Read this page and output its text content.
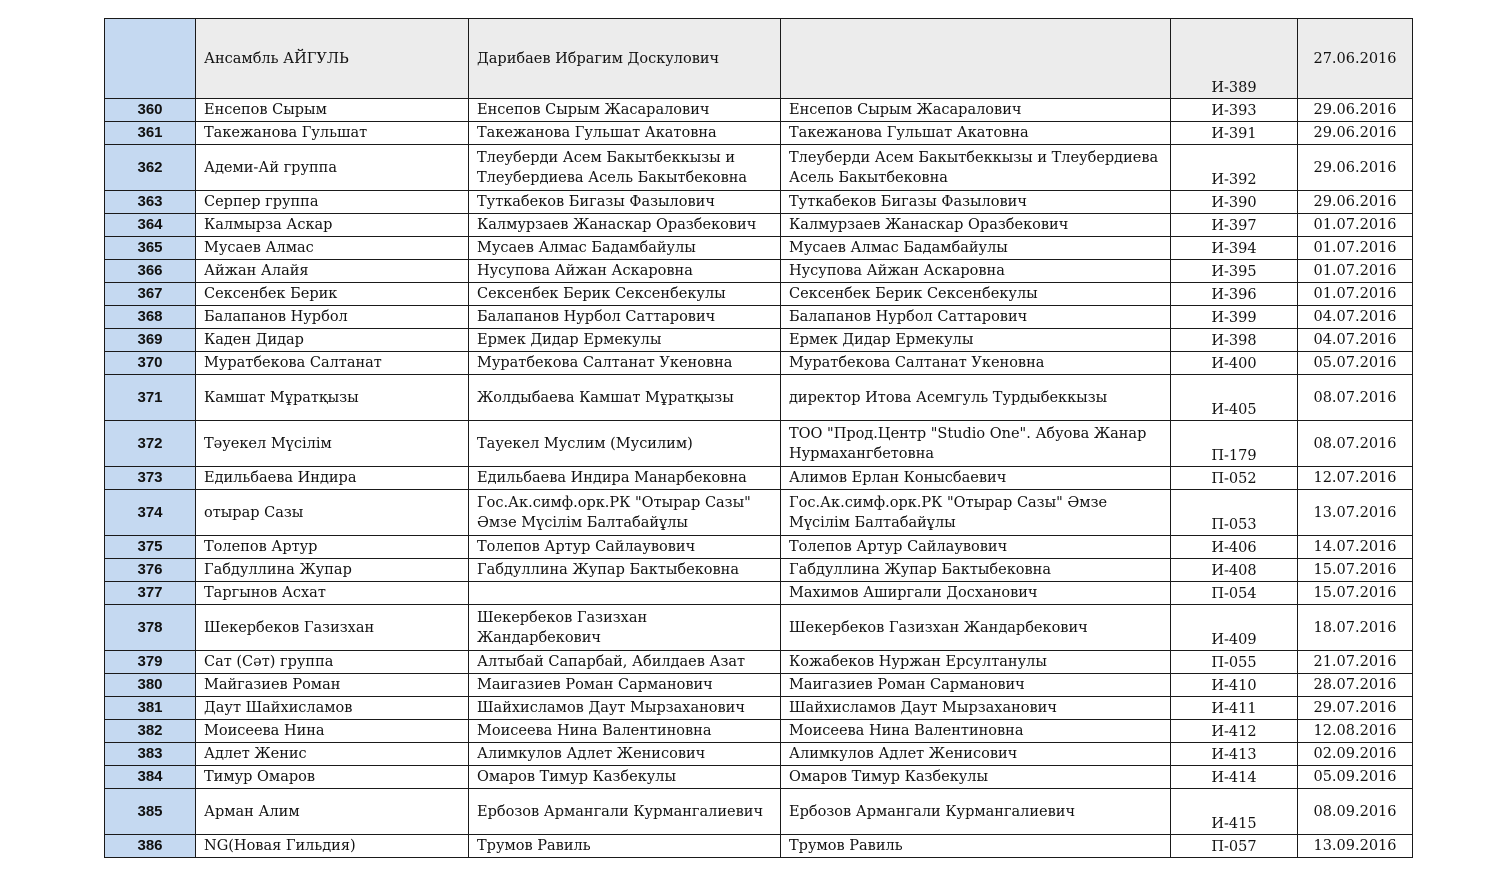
	Ансамбль АЙГУЛЬ	Дарибаев Ибрагим Доскулович		И-389	27.06.2016
360	Енсепов Сырым	Енсепов Сырым Жасаралович	Енсепов Сырым Жасаралович	И-393	29.06.2016
361	Такежанова Гульшат	Такежанова Гульшат Акатовна	Такежанова Гульшат Акатовна	И-391	29.06.2016
362	Адеми-Ай группа	Тлеуберди Асем Бакытбеккызы и Тлеубердиева Асель Бакытбековна	Тлеуберди Асем Бакытбеккызы и Тлеубердиева Асель Бакытбековна	И-392	29.06.2016
363	Серпер группа	Туткабеков Бигазы Фазылович	Туткабеков Бигазы Фазылович	И-390	29.06.2016
364	Калмырза Аскар	Калмурзаев Жанаскар Оразбекович	Калмурзаев Жанаскар Оразбекович	И-397	01.07.2016
365	Мусаев Алмас	Мусаев Алмас Бадамбайулы	Мусаев Алмас Бадамбайулы	И-394	01.07.2016
366	Айжан Алайя	Нусупова Айжан Аскаровна	Нусупова Айжан Аскаровна	И-395	01.07.2016
367	Сексенбек Берик	Сексенбек Берик Сексенбекулы	Сексенбек Берик Сексенбекулы	И-396	01.07.2016
368	Балапанов Нурбол	Балапанов Нурбол Саттарович	Балапанов Нурбол Саттарович	И-399	04.07.2016
369	Каден Дидар	Ермек Дидар Ермекулы	Ермек Дидар Ермекулы	И-398	04.07.2016
370	Муратбекова Салтанат	Муратбекова Салтанат Укеновна	Муратбекова Салтанат Укеновна	И-400	05.07.2016
371	Камшат Мұратқызы	Жолдыбаева Камшат Мұратқызы	директор Итова Асемгуль Турдыбеккызы	И-405	08.07.2016
372	Тәуекел Мүсілім	Тауекел Муслим (Мусилим)	ТОО "Прод.Центр "Studio One". Абуова Жанар Нурмахангбетовна	П-179	08.07.2016
373	Едильбаева Индира	Едильбаева Индира Манарбековна	Алимов Ерлан Конысбаевич	П-052	12.07.2016
374	отырар Сазы	Гос.Ак.симф.орк.РК "Отырар Сазы" Әмзе Мүсілім Балтабайұлы	Гос.Ак.симф.орк.РК "Отырар Сазы" Әмзе Мүсілім Балтабайұлы	П-053	13.07.2016
375	Толепов Артур	Толепов Артур Сайлаувович	Толепов Артур Сайлаувович	И-406	14.07.2016
376	Габдуллина Жупар	Габдуллина Жупар Бактыбековна	Габдуллина Жупар Бактыбековна	И-408	15.07.2016
377	Таргынов Асхат		Махимов Аширгали Досханович	П-054	15.07.2016
378	Шекербеков Газизхан	Шекербеков Газизхан Жандарбекович	Шекербеков Газизхан Жандарбекович	И-409	18.07.2016
379	Сат (Сәт) группа	Алтыбай Сапарбай, Абилдаев Азат	Кожабеков Нуржан Ерсултанулы	П-055	21.07.2016
380	Майгазиев Роман	Маигазиев Роман Сарманович	Маигазиев Роман Сарманович	И-410	28.07.2016
381	Даут Шайхисламов	Шайхисламов Даут Мырзаханович	Шайхисламов Даут Мырзаханович	И-411	29.07.2016
382	Моисеева Нина	Моисеева Нина Валентиновна	Моисеева Нина Валентиновна	И-412	12.08.2016
383	Адлет Женис	Алимкулов Адлет Женисович	Алимкулов Адлет Женисович	И-413	02.09.2016
384	Тимур Омаров	Омаров Тимур Казбекулы	Омаров Тимур Казбекулы	И-414	05.09.2016
385	Арман Алим	Ербозов Армангали Курмангалиевич	Ербозов Армангали Курмангалиевич	И-415	08.09.2016
386	NG(Новая Гильдия)	Трумов Равиль	Трумов Равиль	П-057	13.09.2016
